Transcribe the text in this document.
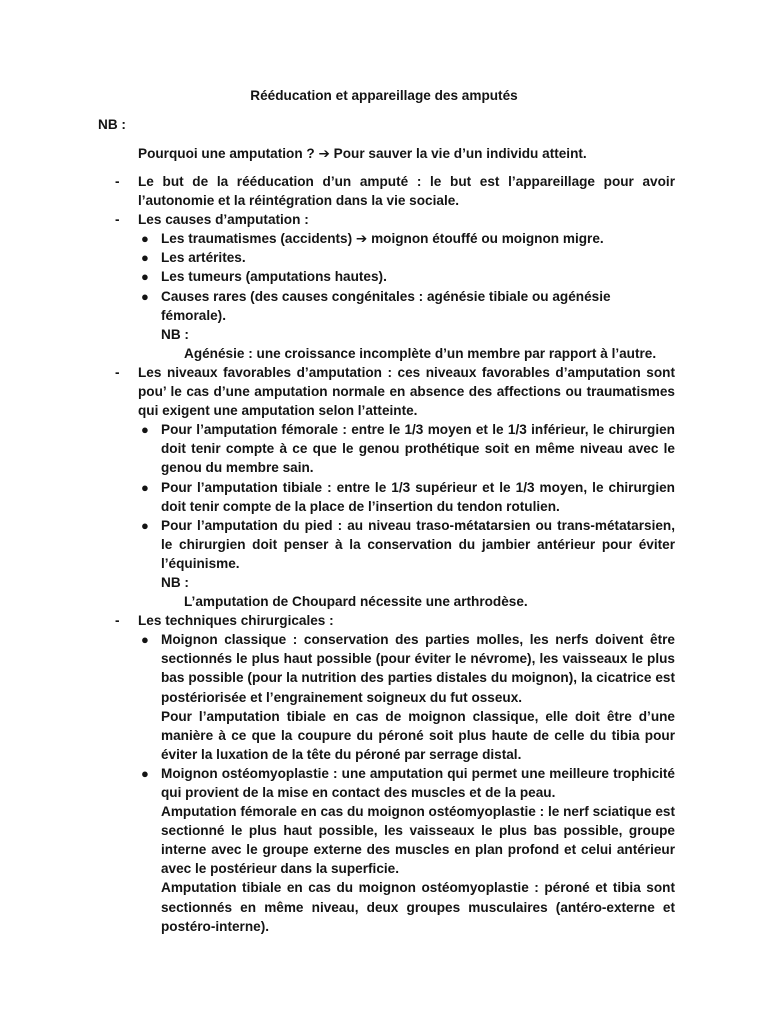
Rééducation et appareillage des amputés
NB :
Pourquoi une amputation ? ➔ Pour sauver la vie d’un individu atteint.
- Le but de la rééducation d’un amputé : le but est l’appareillage pour avoir l’autonomie et la réintégration dans la vie sociale.
- Les causes d’amputation :
● Les traumatismes (accidents) ➔ moignon étouffé ou moignon migre.
● Les artérites.
● Les tumeurs (amputations hautes).
● Causes rares (des causes congénitales : agénésie tibiale ou agénésie fémorale).
NB :
Agénésie : une croissance incomplète d’un membre par rapport à l’autre.
- Les niveaux favorables d’amputation : ces niveaux favorables d’amputation sont pou’ le cas d’une amputation normale en absence des affections ou traumatismes qui exigent une amputation selon l’atteinte.
● Pour l’amputation fémorale : entre le 1/3 moyen et le 1/3 inférieur, le chirurgien doit tenir compte à ce que le genou prothétique soit en même niveau avec le genou du membre sain.
● Pour l’amputation tibiale : entre le 1/3 supérieur et le 1/3 moyen, le chirurgien doit tenir compte de la place de l’insertion du tendon rotulien.
● Pour l’amputation du pied : au niveau traso-métatarsien ou trans-métatarsien, le chirurgien doit penser à la conservation du jambier antérieur pour éviter l’équinisme.
NB :
L’amputation de Choupard nécessite une arthrodèse.
- Les techniques chirurgicales :
● Moignon classique : conservation des parties molles, les nerfs doivent être sectionnés le plus haut possible (pour éviter le névrome), les vaisseaux le plus bas possible (pour la nutrition des parties distales du moignon), la cicatrice est postériorisée et l’engrainement soigneux du fut osseux.

Pour l’amputation tibiale en cas de moignon classique, elle doit être d’une manière à ce que la coupure du péroné soit plus haute de celle du tibia pour éviter la luxation de la tête du péroné par serrage distal.

● Moignon ostéomyoplastie : une amputation qui permet une meilleure trophicité qui provient de la mise en contact des muscles et de la peau.

Amputation fémorale en cas du moignon ostéomyoplastie : le nerf sciatique est sectionné le plus haut possible, les vaisseaux le plus bas possible, groupe interne avec le groupe externe des muscles en plan profond et celui antérieur avec le postérieur dans la superficie.

Amputation tibiale en cas du moignon ostéomyoplastie : péroné et tibia sont sectionnés en même niveau, deux groupes musculaires (antéro-externe et postéro-interne).
